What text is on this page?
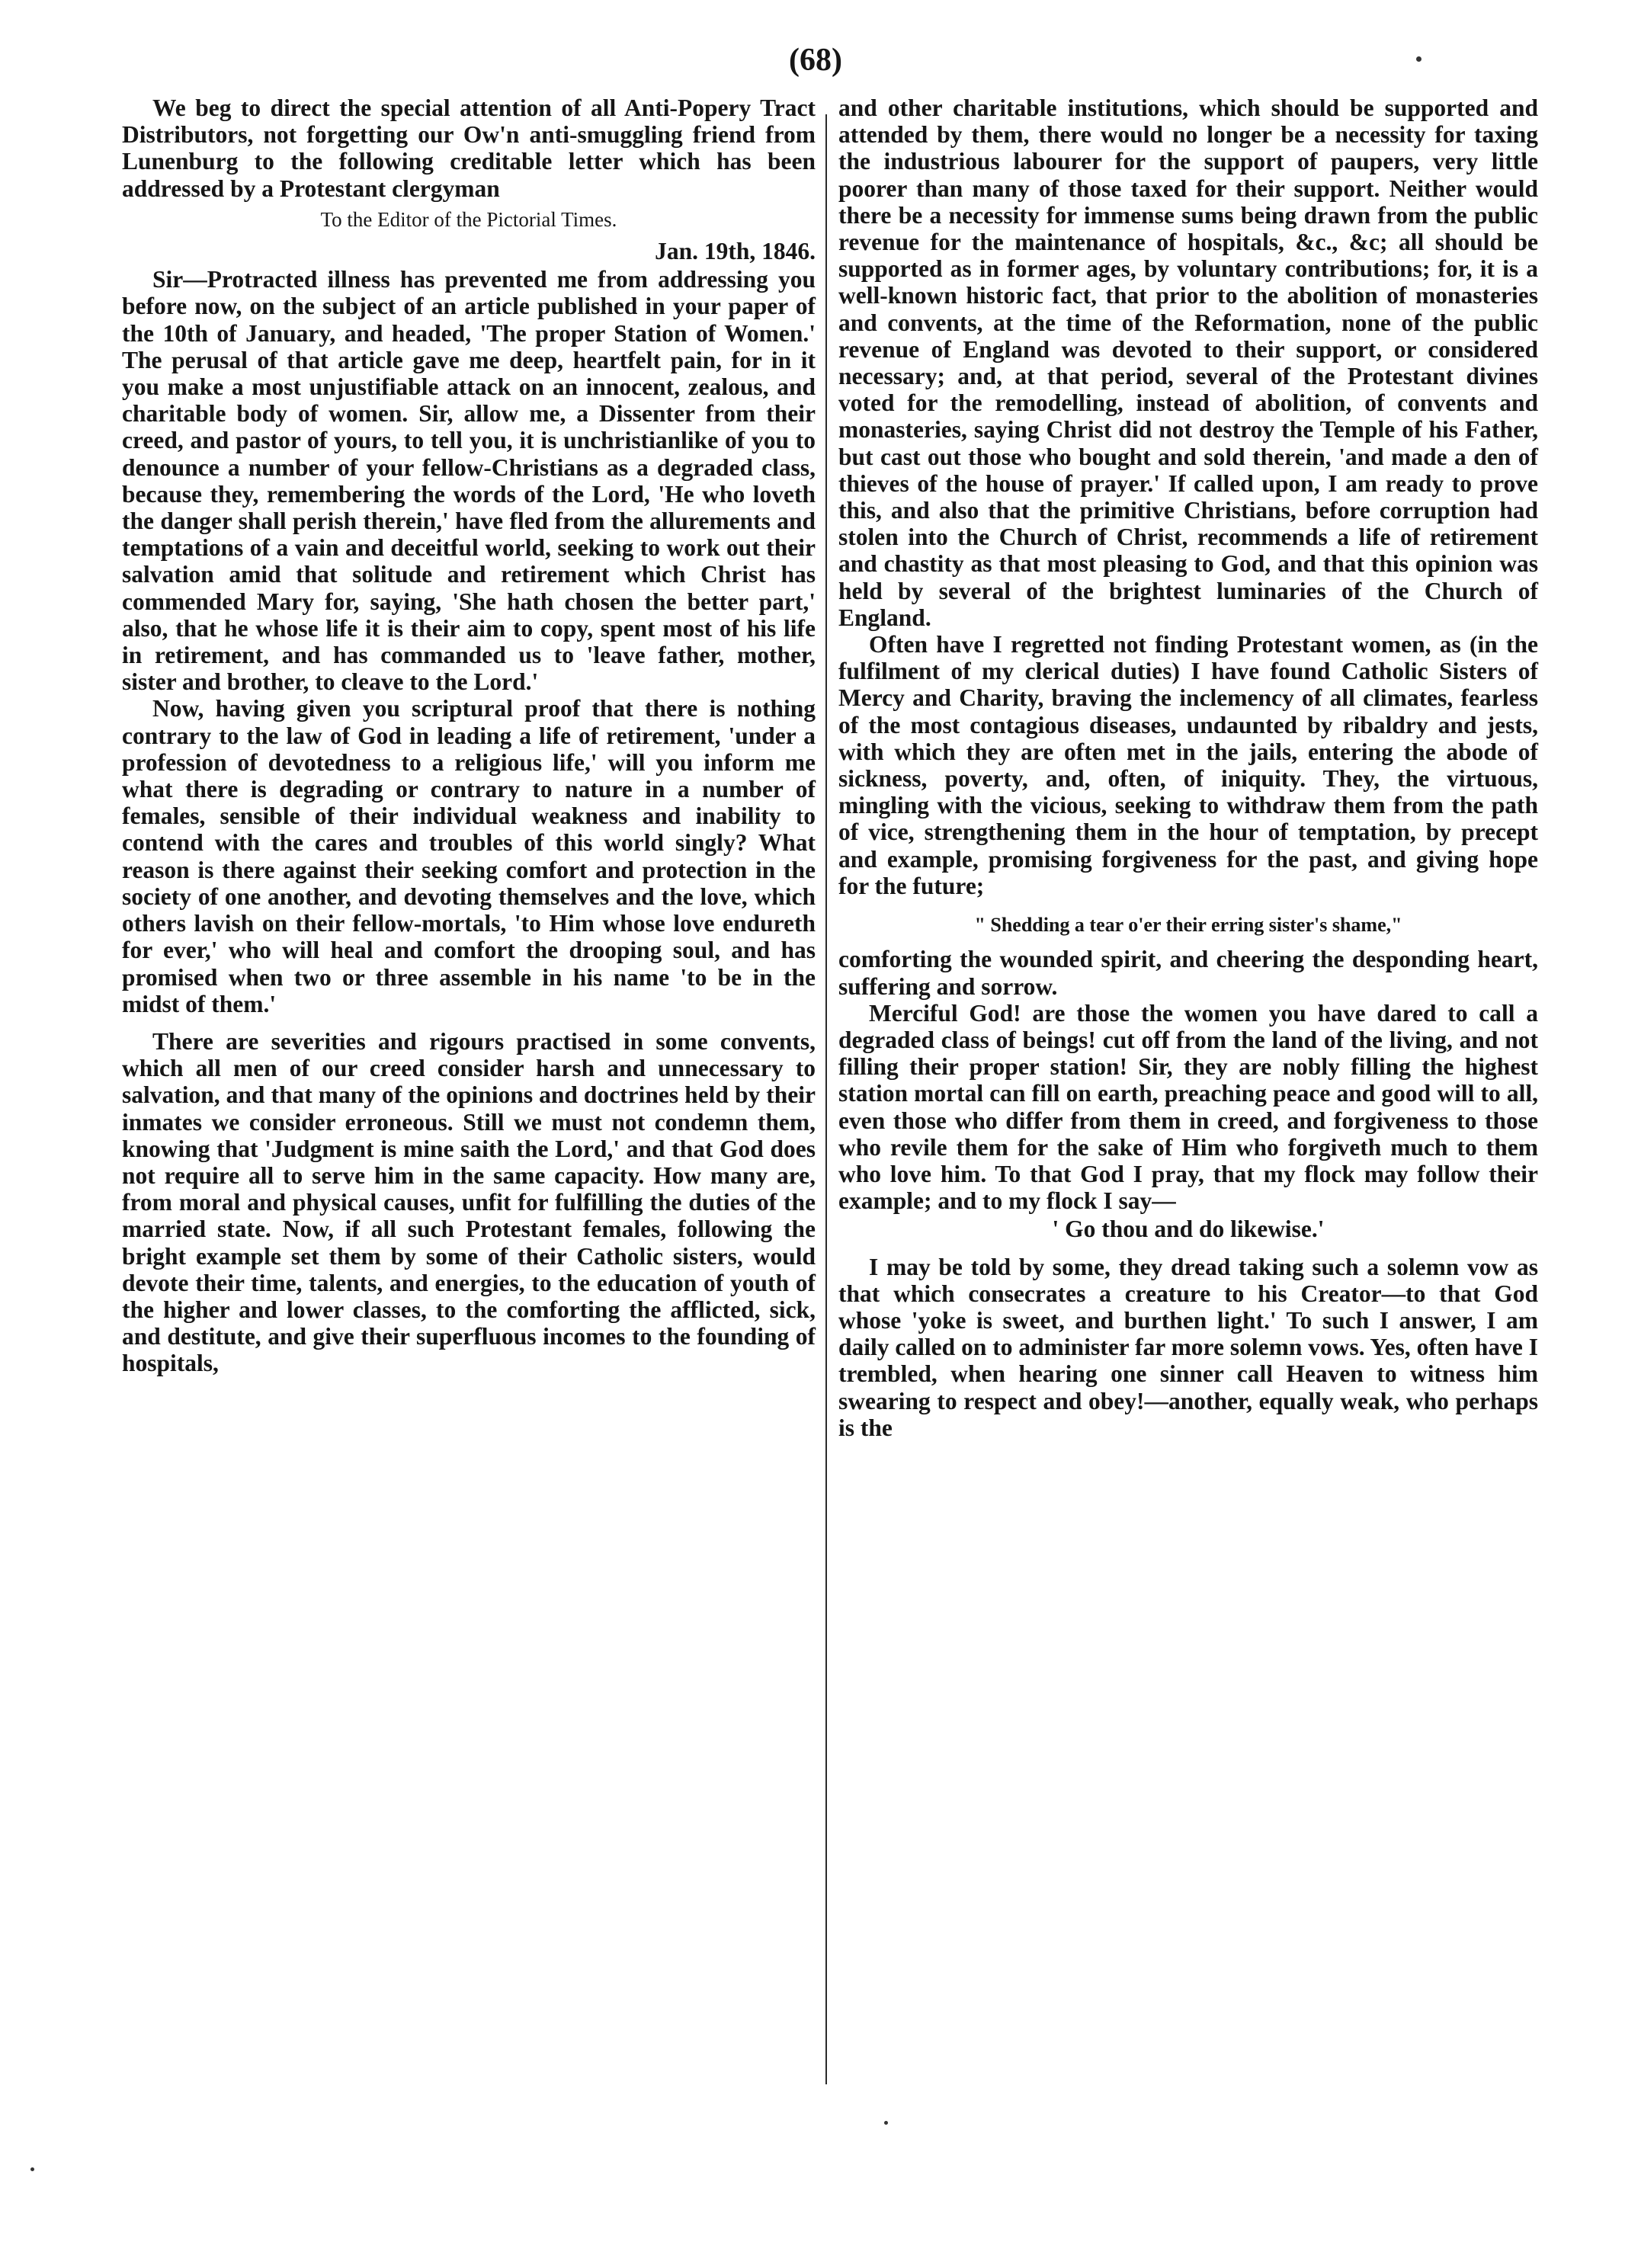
(68)

We beg to direct the special attention of all Anti-Popery Tract Distributors, not forgetting our Ow'n anti-smuggling friend from Lunenburg to the following creditable letter which has been addressed by a Protestant clergyman

To the Editor of the Pictorial Times.

Jan. 19th, 1846.

Sir—Protracted illness has prevented me from addressing you before now, on the subject of an article published in your paper of the 10th of January, and headed, 'The proper Station of Women.' The perusal of that article gave me deep, heartfelt pain, for in it you make a most unjustifiable attack on an innocent, zealous, and charitable body of women. Sir, allow me, a Dissenter from their creed, and pastor of yours, to tell you, it is unchristianlike of you to denounce a number of your fellow-Christians as a degraded class, because they, remembering the words of the Lord, 'He who loveth the danger shall perish therein,' have fled from the allurements and temptations of a vain and deceitful world, seeking to work out their salvation amid that solitude and retirement which Christ has commended Mary for, saying, 'She hath chosen the better part,' also, that he whose life it is their aim to copy, spent most of his life in retirement, and has commanded us to 'leave father, mother, sister and brother, to cleave to the Lord.'

Now, having given you scriptural proof that there is nothing contrary to the law of God in leading a life of retirement, 'under a profession of devotedness to a religious life,' will you inform me what there is degrading or contrary to nature in a number of females, sensible of their individual weakness and inability to contend with the cares and troubles of this world singly? What reason is there against their seeking comfort and protection in the society of one another, and devoting themselves and the love, which others lavish on their fellow-mortals, 'to Him whose love endureth for ever,' who will heal and comfort the drooping soul, and has promised when two or three assemble in his name 'to be in the midst of them.'

There are severities and rigours practised in some convents, which all men of our creed consider harsh and unnecessary to salvation, and that many of the opinions and doctrines held by their inmates we consider erroneous. Still we must not condemn them, knowing that 'Judgment is mine saith the Lord,' and that God does not require all to serve him in the same capacity. How many are, from moral and physical causes, unfit for fulfilling the duties of the married state. Now, if all such Protestant females, following the bright example set them by some of their Catholic sisters, would devote their time, talents, and energies, to the education of youth of the higher and lower classes, to the comforting the afflicted, sick, and destitute, and give their superfluous incomes to the founding of hospitals,

and other charitable institutions, which should be supported and attended by them, there would no longer be a necessity for taxing the industrious labourer for the support of paupers, very little poorer than many of those taxed for their support. Neither would there be a necessity for immense sums being drawn from the public revenue for the maintenance of hospitals, &c., &c; all should be supported as in former ages, by voluntary contributions; for, it is a well-known historic fact, that prior to the abolition of monasteries and convents, at the time of the Reformation, none of the public revenue of England was devoted to their support, or considered necessary; and, at that period, several of the Protestant divines voted for the remodelling, instead of abolition, of convents and monasteries, saying Christ did not destroy the Temple of his Father, but cast out those who bought and sold therein, 'and made a den of thieves of the house of prayer.' If called upon, I am ready to prove this, and also that the primitive Christians, before corruption had stolen into the Church of Christ, recommends a life of retirement and chastity as that most pleasing to God, and that this opinion was held by several of the brightest luminaries of the Church of England.

Often have I regretted not finding Protestant women, as (in the fulfilment of my clerical duties) I have found Catholic Sisters of Mercy and Charity, braving the inclemency of all climates, fearless of the most contagious diseases, undaunted by ribaldry and jests, with which they are often met in the jails, entering the abode of sickness, poverty, and, often, of iniquity. They, the virtuous, mingling with the vicious, seeking to withdraw them from the path of vice, strengthening them in the hour of temptation, by precept and example, promising forgiveness for the past, and giving hope for the future;

" Shedding a tear o'er their erring sister's shame,"

comforting the wounded spirit, and cheering the desponding heart, suffering and sorrow.

Merciful God! are those the women you have dared to call a degraded class of beings! cut off from the land of the living, and not filling their proper station! Sir, they are nobly filling the highest station mortal can fill on earth, preaching peace and good will to all, even those who differ from them in creed, and forgiveness to those who revile them for the sake of Him who forgiveth much to them who love him. To that God I pray, that my flock may follow their example; and to my flock I say—

' Go thou and do likewise.'

I may be told by some, they dread taking such a solemn vow as that which consecrates a creature to his Creator—to that God whose 'yoke is sweet, and burthen light.' To such I answer, I am daily called on to administer far more solemn vows. Yes, often have I trembled, when hearing one sinner call Heaven to witness him swearing to respect and obey!—another, equally weak, who perhaps is the
